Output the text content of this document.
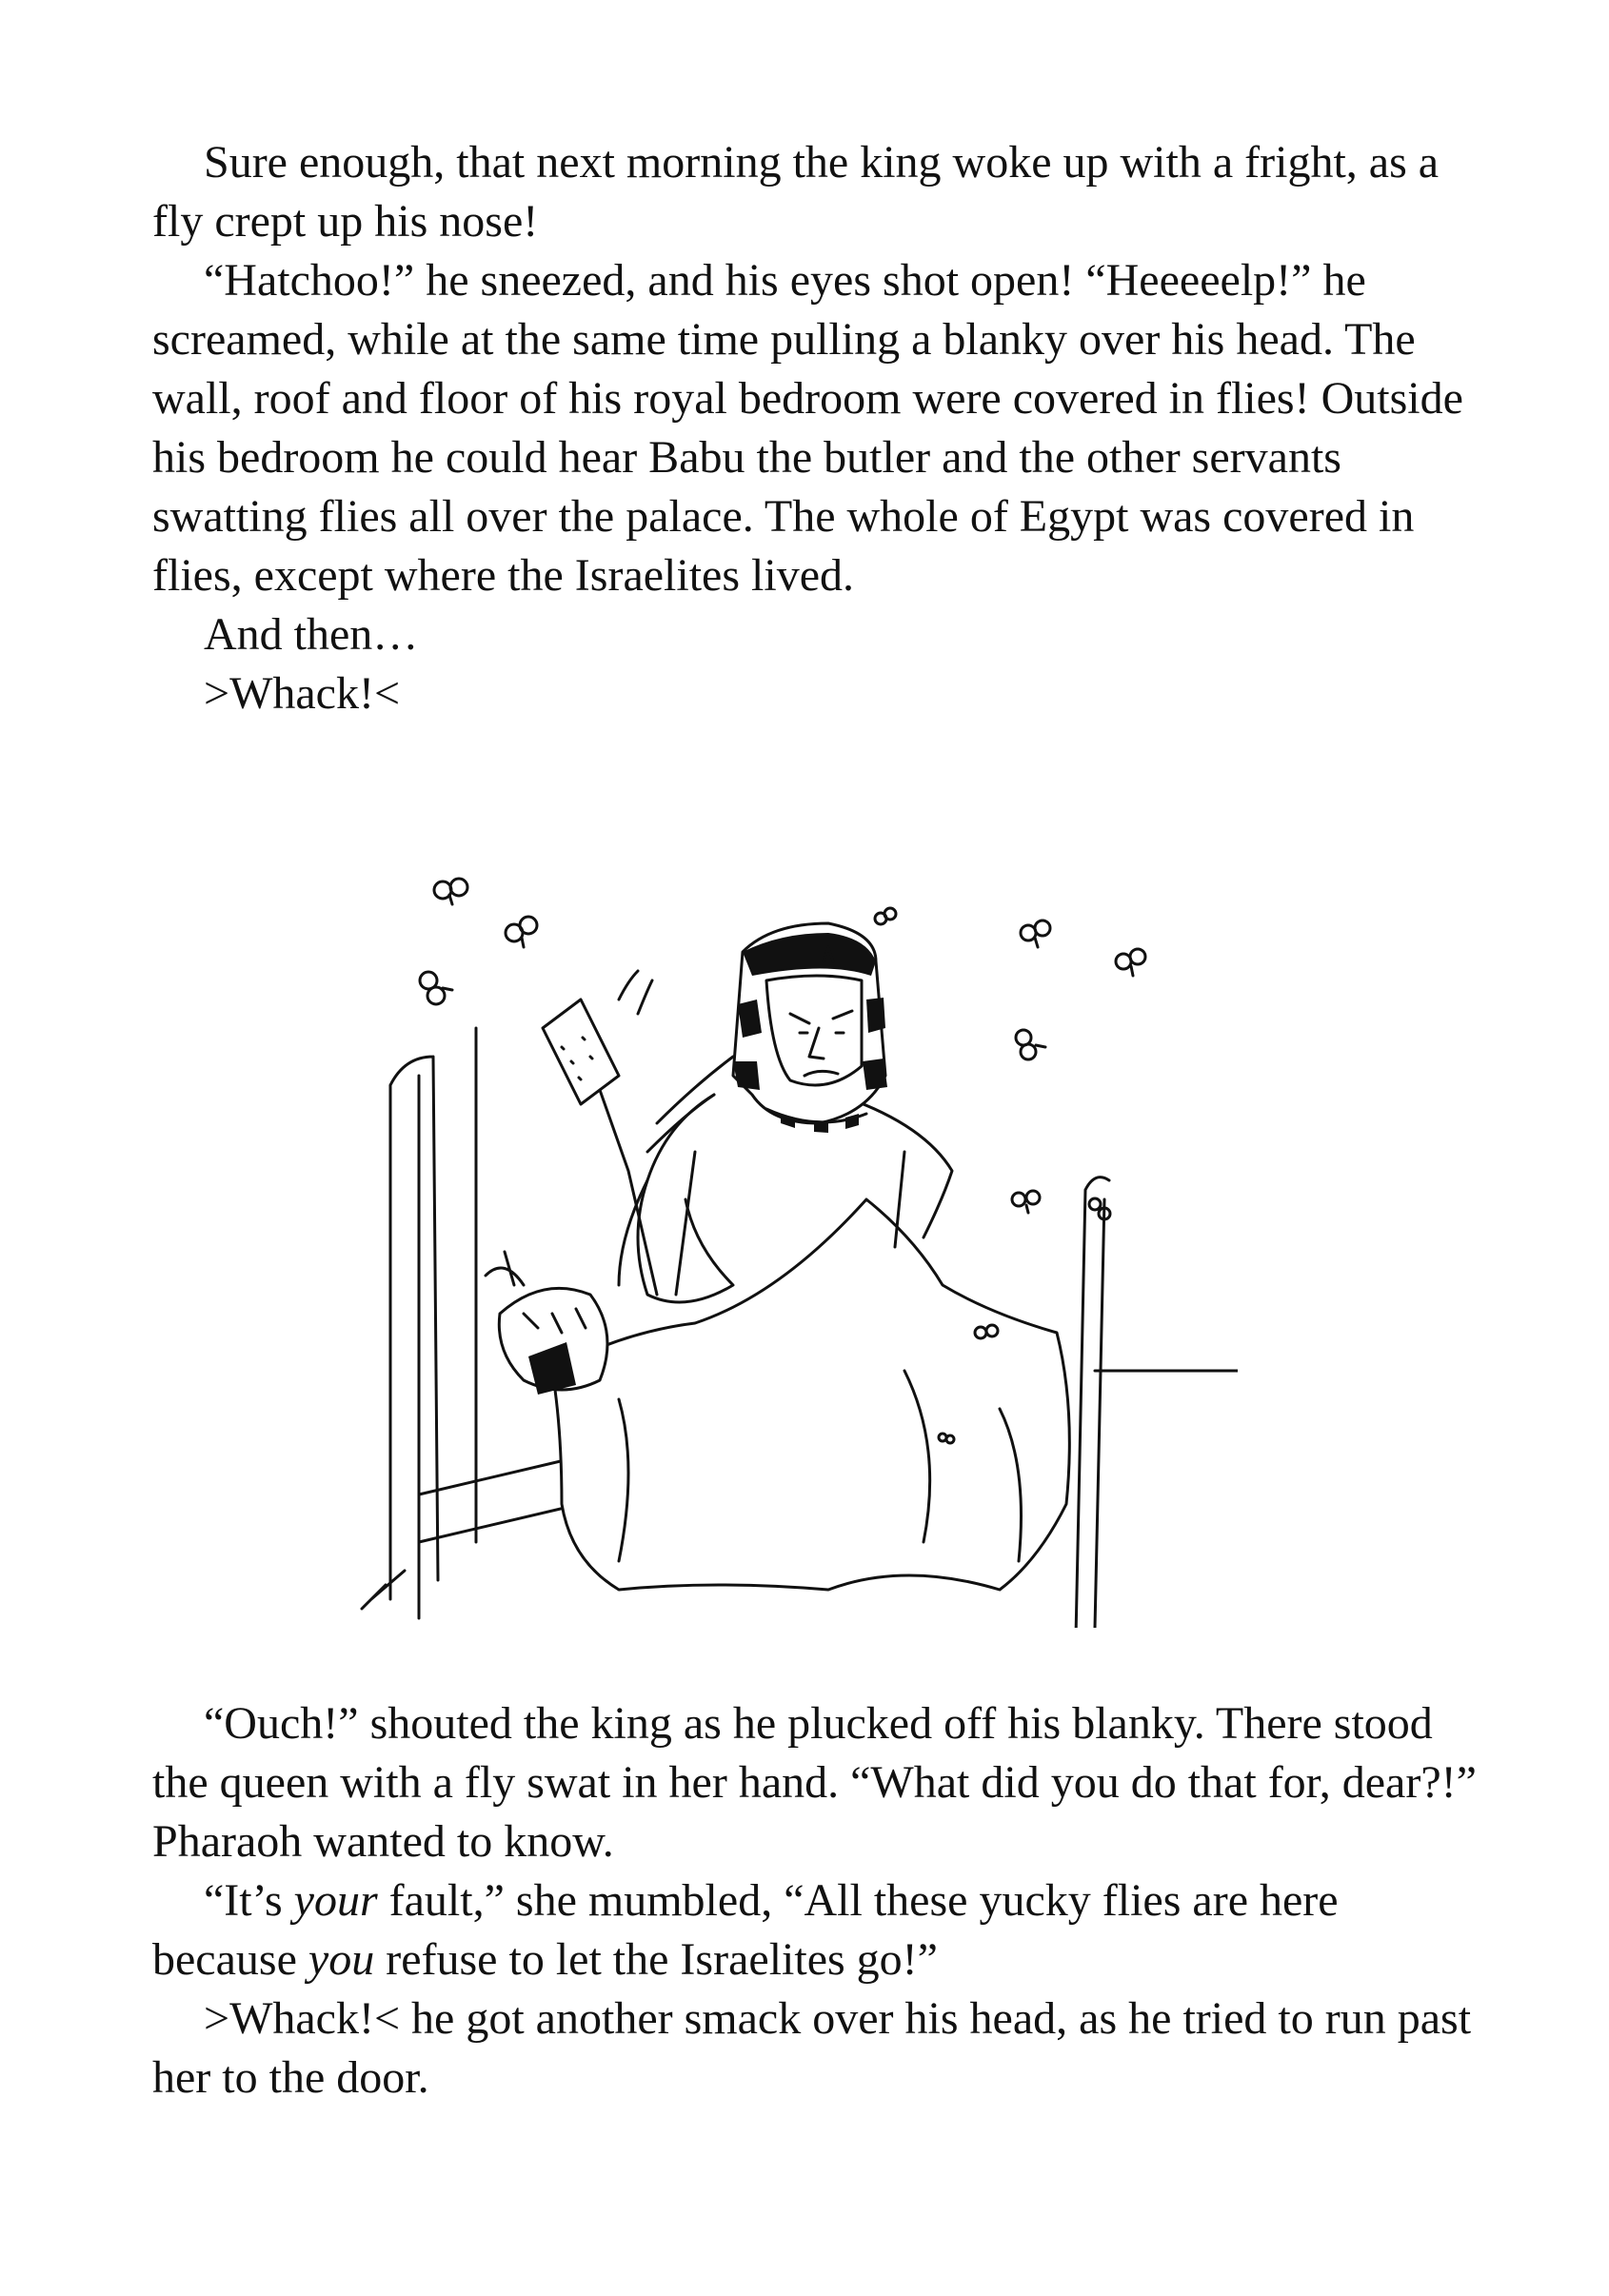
Sure enough, that next morning the king woke up with a fright, as a fly crept up his nose!

“Hatchoo!” he sneezed, and his eyes shot open! “Heeeeelp!” he screamed, while at the same time pulling a blanky over his head. The wall, roof and floor of his royal bedroom were covered in flies! Outside his bedroom he could hear Babu the butler and the other servants swatting flies all over the palace. The whole of Egypt was covered in flies, except where the Israelites lived.

And then…

>Whack!<

“Ouch!” shouted the king as he plucked off his blanky. There stood the queen with a fly swat in her hand. “What did you do that for, dear?!” Pharaoh wanted to know.

“It’s your fault,” she mumbled, “All these yucky flies are here because you refuse to let the Israelites go!”

>Whack!< he got another smack over his head, as he tried to run past her to the door.
